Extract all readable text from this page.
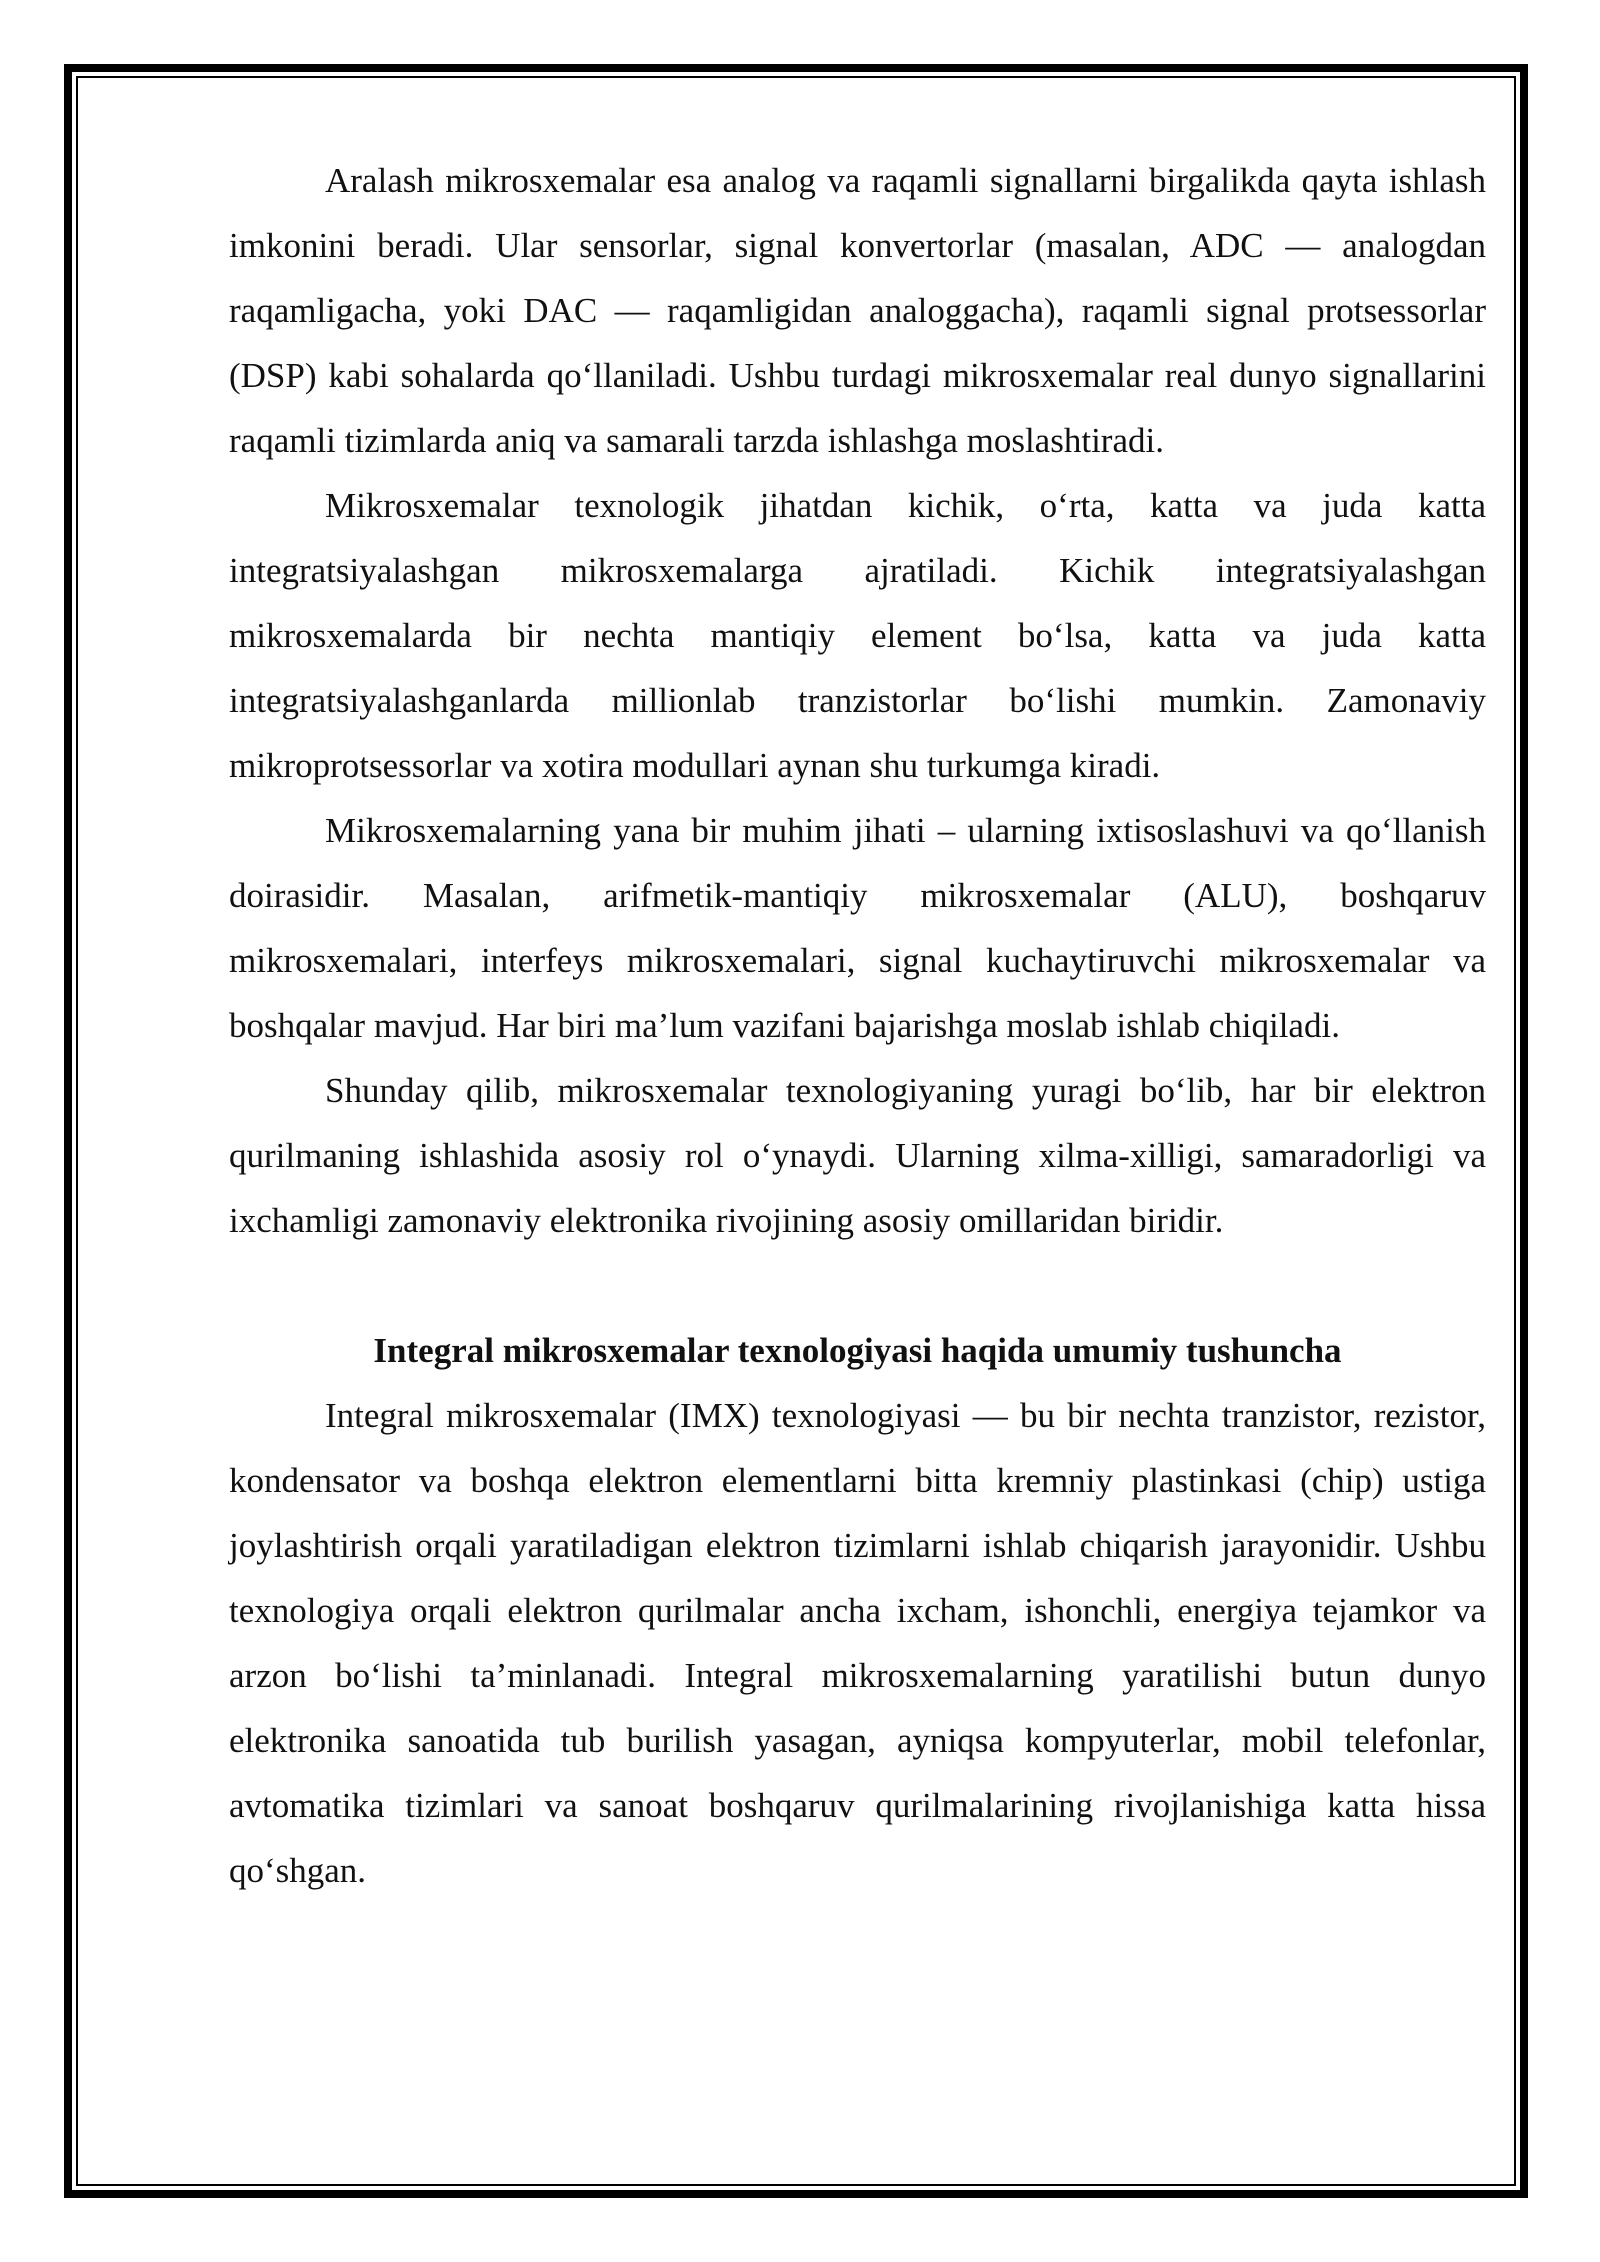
Aralash mikrosxemalar esa analog va raqamli signallarni birgalikda qayta ishlash imkonini beradi. Ular sensorlar, signal konvertorlar (masalan, ADC — analogdan raqamligacha, yoki DAC — raqamligidan analoggacha), raqamli signal protsessorlar (DSP) kabi sohalarda qo‘llaniladi. Ushbu turdagi mikrosxemalar real dunyo signallarini raqamli tizimlarda aniq va samarali tarzda ishlashga moslashtiradi.

Mikrosxemalar texnologik jihatdan kichik, o‘rta, katta va juda katta integratsiyalashgan mikrosxemalarga ajratiladi. Kichik integratsiyalashgan mikrosxemalarda bir nechta mantiqiy element bo‘lsa, katta va juda katta integratsiyalashganlarda millionlab tranzistorlar bo‘lishi mumkin. Zamonaviy mikroprotsessorlar va xotira modullari aynan shu turkumga kiradi.

Mikrosxemalarning yana bir muhim jihati – ularning ixtisoslashuvi va qo‘llanish doirasidir. Masalan, arifmetik-mantiqiy mikrosxemalar (ALU), boshqaruv mikrosxemalari, interfeys mikrosxemalari, signal kuchaytiruvchi mikrosxemalar va boshqalar mavjud. Har biri ma’lum vazifani bajarishga moslab ishlab chiqiladi.

Shunday qilib, mikrosxemalar texnologiyaning yuragi bo‘lib, har bir elektron qurilmaning ishlashida asosiy rol o‘ynaydi. Ularning xilma-xilligi, samaradorligi va ixchamligi zamonaviy elektronika rivojining asosiy omillaridan biridir.

Integral mikrosxemalar texnologiyasi haqida umumiy tushuncha

Integral mikrosxemalar (IMX) texnologiyasi — bu bir nechta tranzistor, rezistor, kondensator va boshqa elektron elementlarni bitta kremniy plastinkasi (chip) ustiga joylashtirish orqali yaratiladigan elektron tizimlarni ishlab chiqarish jarayonidir. Ushbu texnologiya orqali elektron qurilmalar ancha ixcham, ishonchli, energiya tejamkor va arzon bo‘lishi ta’minlanadi. Integral mikrosxemalarning yaratilishi butun dunyo elektronika sanoatida tub burilish yasagan, ayniqsa kompyuterlar, mobil telefonlar, avtomatika tizimlari va sanoat boshqaruv qurilmalarining rivojlanishiga katta hissa qo‘shgan.
